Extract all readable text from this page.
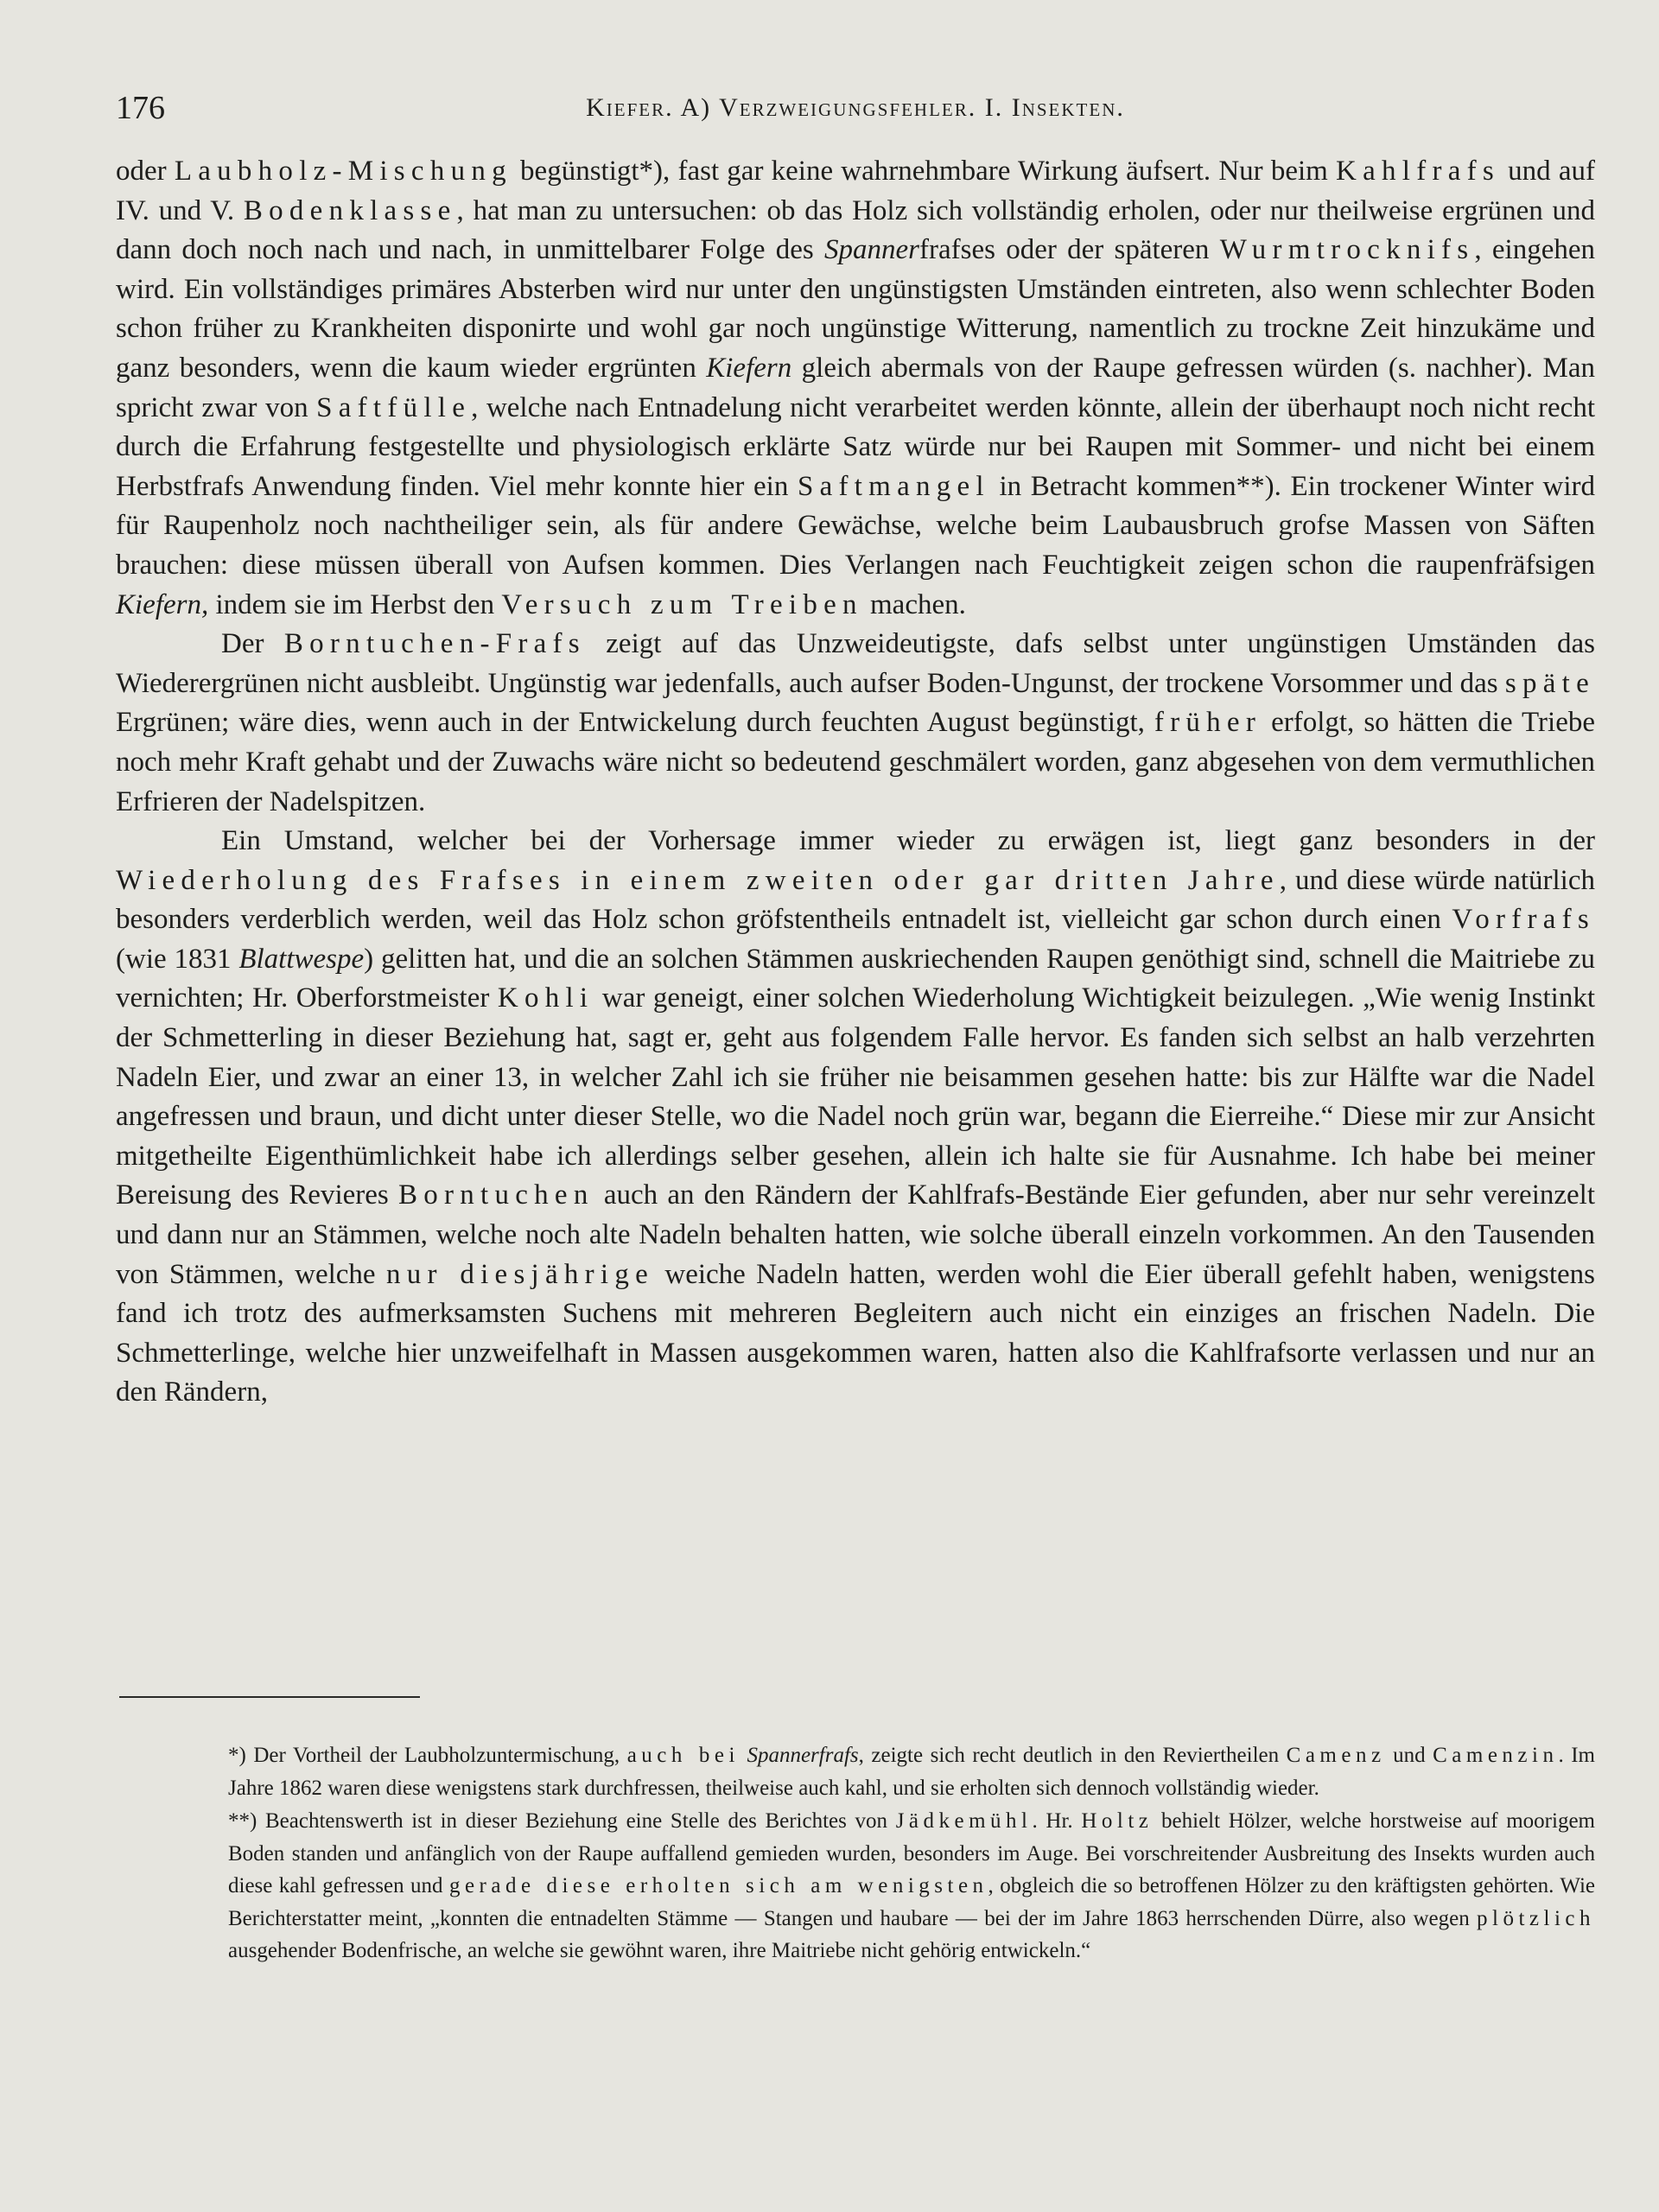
176	Kiefer. A) Verzweigungsfehler. I. Insekten.

oder Laubholz-Mischung begünstigt*), fast gar keine wahrnehmbare Wirkung äufsert. Nur beim Kahlfrafs und auf IV. und V. Bodenklasse, hat man zu untersuchen: ob das Holz sich vollständig erholen, oder nur theilweise ergrünen und dann doch noch nach und nach, in unmittelbarer Folge des Spannerfrafses oder der späteren Wurmtrocknifs, eingehen wird. Ein vollständiges primäres Absterben wird nur unter den ungünstigsten Umständen eintreten, also wenn schlechter Boden schon früher zu Krankheiten disponirte und wohl gar noch ungünstige Witterung, namentlich zu trockne Zeit hinzukäme und ganz besonders, wenn die kaum wieder ergrünten Kiefern gleich abermals von der Raupe gefressen würden (s. nachher). Man spricht zwar von Saftfülle, welche nach Entnadelung nicht verarbeitet werden könnte, allein der überhaupt noch nicht recht durch die Erfahrung festgestellte und physiologisch erklärte Satz würde nur bei Raupen mit Sommer- und nicht bei einem Herbstfrafs Anwendung finden. Viel mehr konnte hier ein Saftmangel in Betracht kommen**). Ein trockener Winter wird für Raupenholz noch nachtheiliger sein, als für andere Gewächse, welche beim Laubausbruch grofse Massen von Säften brauchen: diese müssen überall von Aufsen kommen. Dies Verlangen nach Feuchtigkeit zeigen schon die raupenfräfsigen Kiefern, indem sie im Herbst den Versuch zum Treiben machen.

Der Borntuchen-Frafs zeigt auf das Unzweideutigste, dafs selbst unter ungünstigen Umständen das Wiederergrünen nicht ausbleibt. Ungünstig war jedenfalls, auch aufser Boden-Ungunst, der trockene Vorsommer und das späte Ergrünen; wäre dies, wenn auch in der Entwickelung durch feuchten August begünstigt, früher erfolgt, so hätten die Triebe noch mehr Kraft gehabt und der Zuwachs wäre nicht so bedeutend geschmälert worden, ganz abgesehen von dem vermuthlichen Erfrieren der Nadelspitzen.

Ein Umstand, welcher bei der Vorhersage immer wieder zu erwägen ist, liegt ganz besonders in der Wiederholung des Frafses in einem zweiten oder gar dritten Jahre, und diese würde natürlich besonders verderblich werden, weil das Holz schon gröfstentheils entnadelt ist, vielleicht gar schon durch einen Vorfrafs (wie 1831 Blattwespe) gelitten hat, und die an solchen Stämmen auskriechenden Raupen genöthigt sind, schnell die Maitriebe zu vernichten; Hr. Oberforstmeister Kohli war geneigt, einer solchen Wiederholung Wichtigkeit beizulegen. „Wie wenig Instinkt der Schmetterling in dieser Beziehung hat, sagt er, geht aus folgendem Falle hervor. Es fanden sich selbst an halb verzehrten Nadeln Eier, und zwar an einer 13, in welcher Zahl ich sie früher nie beisammen gesehen hatte: bis zur Hälfte war die Nadel angefressen und braun, und dicht unter dieser Stelle, wo die Nadel noch grün war, begann die Eierreihe.“ Diese mir zur Ansicht mitgetheilte Eigenthümlichkeit habe ich allerdings selber gesehen, allein ich halte sie für Ausnahme. Ich habe bei meiner Bereisung des Revieres Borntuchen auch an den Rändern der Kahlfrafs-Bestände Eier gefunden, aber nur sehr vereinzelt und dann nur an Stämmen, welche noch alte Nadeln behalten hatten, wie solche überall einzeln vorkommen. An den Tausenden von Stämmen, welche nur diesjährige weiche Nadeln hatten, werden wohl die Eier überall gefehlt haben, wenigstens fand ich trotz des aufmerksamsten Suchens mit mehreren Begleitern auch nicht ein einziges an frischen Nadeln. Die Schmetterlinge, welche hier unzweifelhaft in Massen ausgekommen waren, hatten also die Kahlfrafsorte verlassen und nur an den Rändern,

*) Der Vortheil der Laubholzuntermischung, auch bei Spannerfrafs, zeigte sich recht deutlich in den Reviertheilen Camenz und Camenzin. Im Jahre 1862 waren diese wenigstens stark durchfressen, theilweise auch kahl, und sie erholten sich dennoch vollständig wieder.

**) Beachtenswerth ist in dieser Beziehung eine Stelle des Berichtes von Jädkemühl. Hr. Holtz behielt Hölzer, welche horstweise auf moorigem Boden standen und anfänglich von der Raupe auffallend gemieden wurden, besonders im Auge. Bei vorschreitender Ausbreitung des Insekts wurden auch diese kahl gefressen und gerade diese erholten sich am wenigsten, obgleich die so betroffenen Hölzer zu den kräftigsten gehörten. Wie Berichterstatter meint, „konnten die entnadelten Stämme — Stangen und haubare — bei der im Jahre 1863 herrschenden Dürre, also wegen plötzlich ausgehender Bodenfrische, an welche sie gewöhnt waren, ihre Maitriebe nicht gehörig entwickeln.“
